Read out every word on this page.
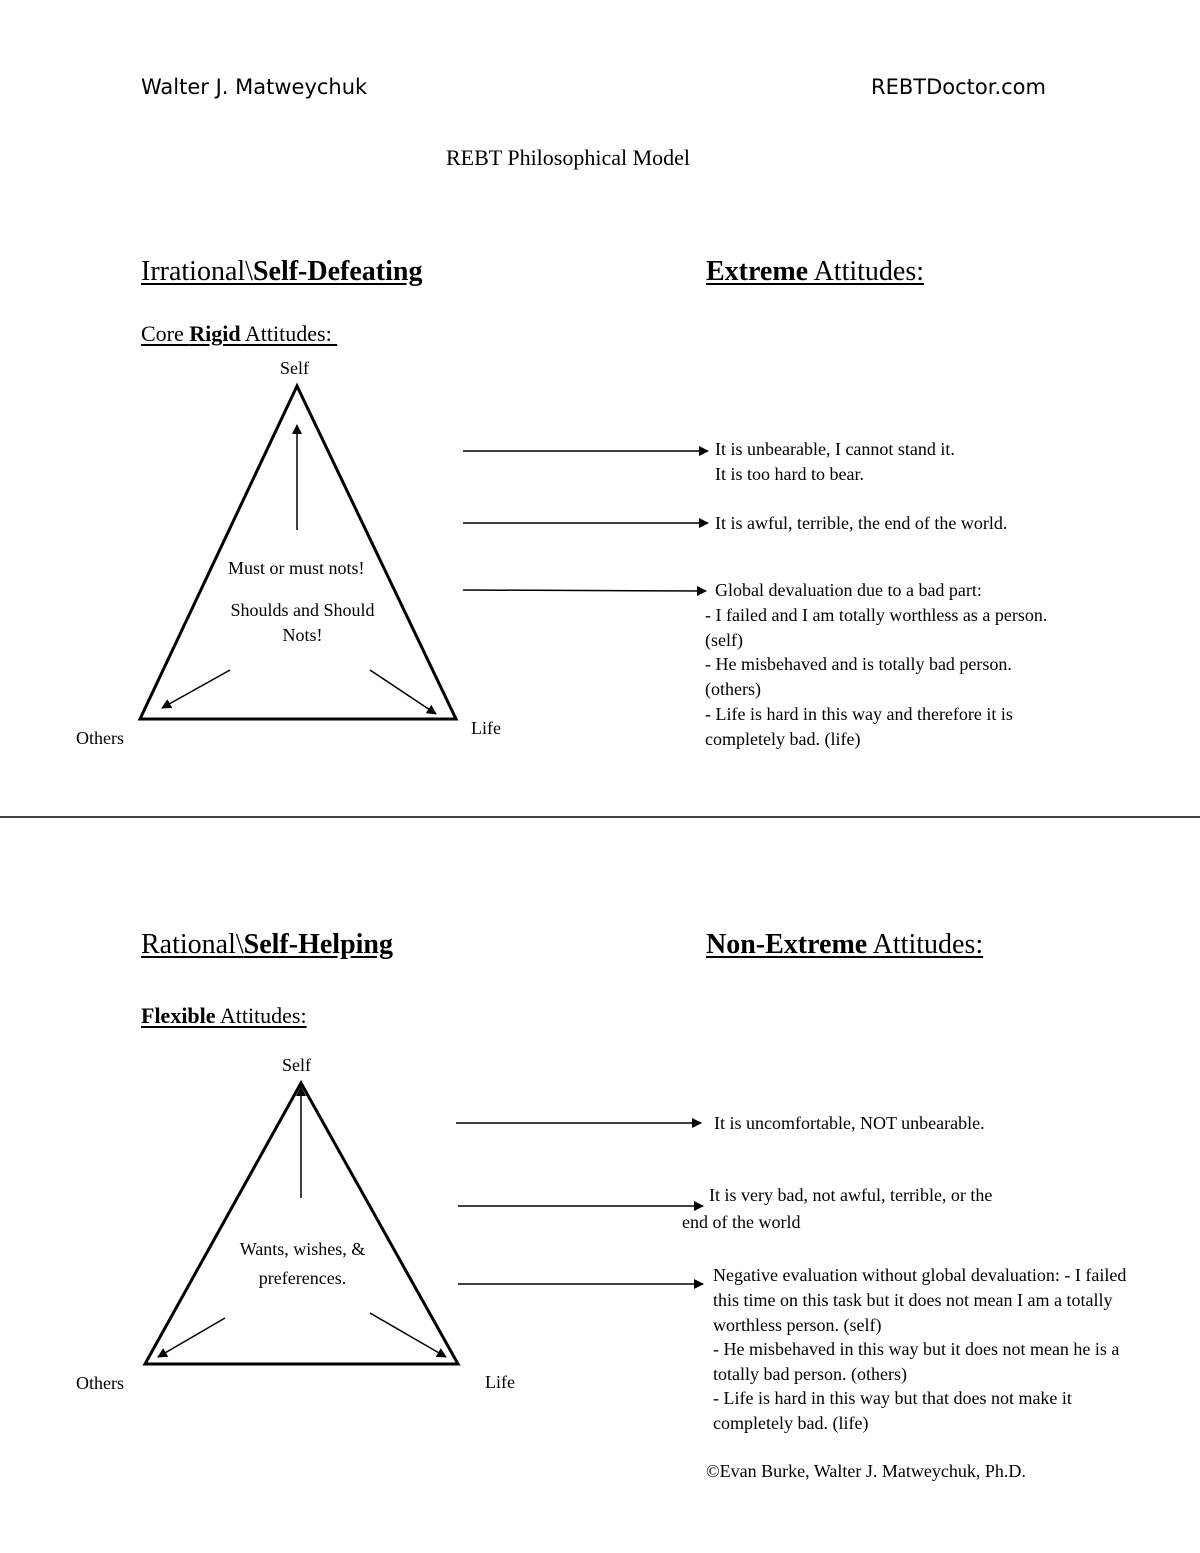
Walter J. Matweychuk	REBTDoctor.com
REBT Philosophical Model
Irrational\Self-Defeating	Extreme Attitudes:
Core Rigid Attitudes:
Self
Others	Life
Must or must nots!
Shoulds and Should Nots!
It is unbearable, I cannot stand it.
It is too hard to bear.
It is awful, terrible, the end of the world.
Global devaluation due to a bad part:
- I failed and I am totally worthless as a person. (self)
- He misbehaved and is totally bad person. (others)
- Life is hard in this way and therefore it is completely bad. (life)
Rational\Self-Helping	Non-Extreme Attitudes:
Flexible Attitudes:
Self
Others	Life
Wants, wishes, & preferences.
It is uncomfortable, NOT unbearable.
It is very bad, not awful, terrible, or the
end of the world
Negative evaluation without global devaluation: - I failed this time on this task but it does not mean I am a totally worthless person. (self)
- He misbehaved in this way but it does not mean he is a totally bad person. (others)
- Life is hard in this way but that does not make it completely bad. (life)
©Evan Burke, Walter J. Matweychuk, Ph.D.
